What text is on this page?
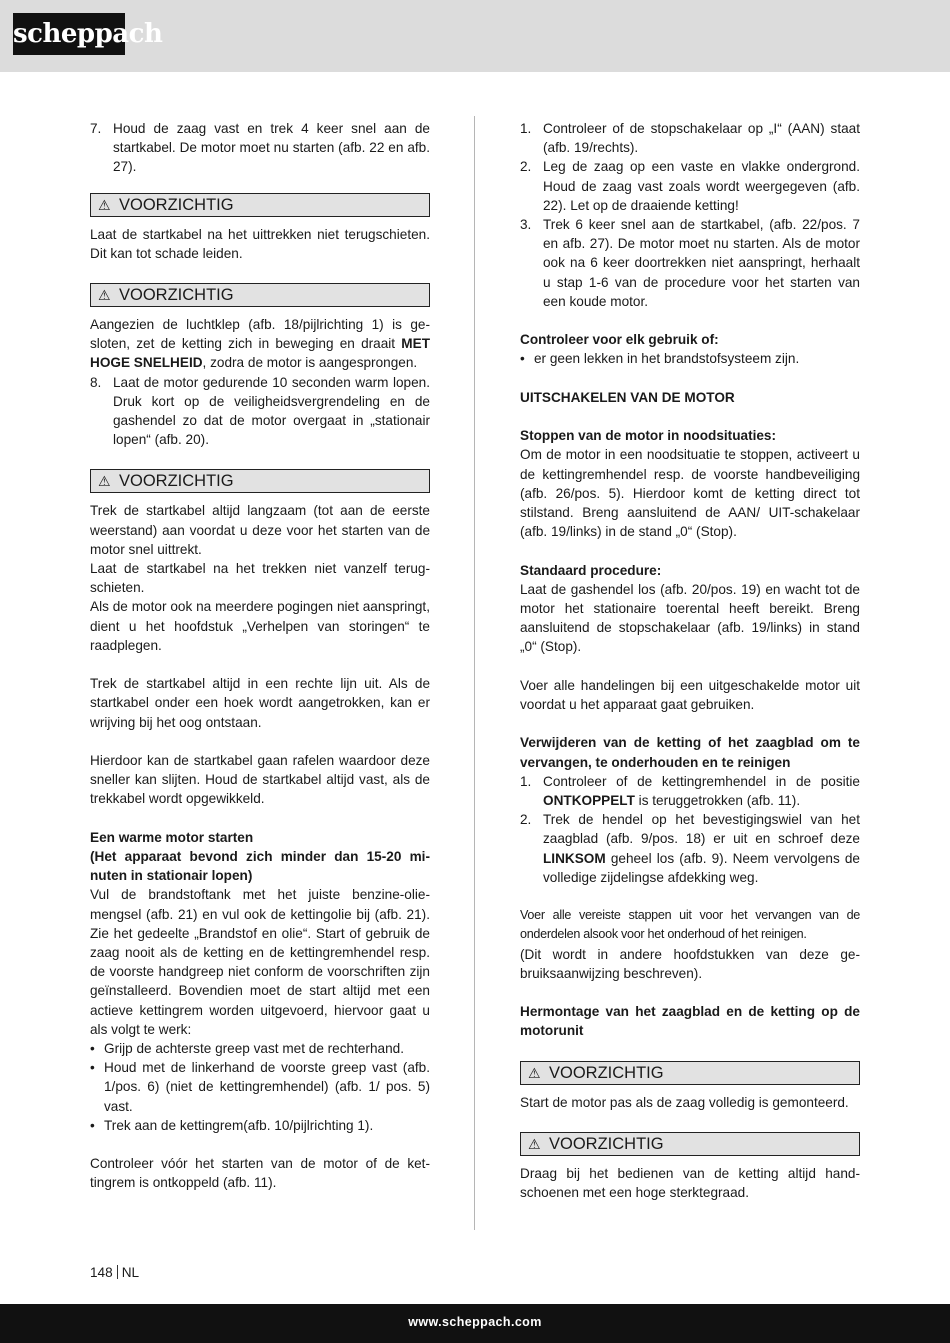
scheppach
7. Houd de zaag vast en trek 4 keer snel aan de startkabel. De motor moet nu starten (afb. 22 en afb. 27).
⚠ VOORZICHTIG

Laat de startkabel na het uittrekken niet terugschieten. Dit kan tot schade leiden.

⚠ VOORZICHTIG

Aangezien de luchtklep (afb. 18/pijlrichting 1) is gesloten, zet de ketting zich in beweging en draait MET HOGE SNELHEID, zodra de motor is aangesprongen.

8. Laat de motor gedurende 10 seconden warm lopen. Druk kort op de veiligheidsvergrendeling en de gashendel zo dat de motor overgaat in „stationair lopen“ (afb. 20).
⚠ VOORZICHTIG

Trek de startkabel altijd langzaam (tot aan de eerste weerstand) aan voordat u deze voor het starten van de motor snel uittrekt.

Laat de startkabel na het trekken niet vanzelf terugschieten.

Als de motor ook na meerdere pogingen niet aanspringt, dient u het hoofdstuk „Verhelpen van storingen“ te raadplegen.

Trek de startkabel altijd in een rechte lijn uit. Als de startkabel onder een hoek wordt aangetrokken, kan er wrijving bij het oog ontstaan.

Hierdoor kan de startkabel gaan rafelen waardoor deze sneller kan slijten. Houd de startkabel altijd vast, als de trekkabel wordt opgewikkeld.

Een warme motor starten

(Het apparaat bevond zich minder dan 15-20 minuten in stationair lopen)

Vul de brandstoftank met het juiste benzine-olie-mengsel (afb. 21) en vul ook de kettingolie bij (afb. 21). Zie het gedeelte „Brandstof en olie“. Start of gebruik de zaag nooit als de ketting en de kettingremhendel resp. de voorste handgreep niet conform de voorschriften zijn geïnstalleerd. Bovendien moet de start altijd met een actieve kettingrem worden uitgevoerd, hiervoor gaat u als volgt te werk:

• Grijp de achterste greep vast met de rechterhand.
• Houd met de linkerhand de voorste greep vast (afb. 1/pos. 6) (niet de kettingremhendel) (afb. 1/ pos. 5) vast.
• Trek aan de kettingrem(afb. 10/pijlrichting 1).

Controleer vóór het starten van de motor of de kettingrem is ontkoppeld (afb. 11).

1. Controleer of de stopschakelaar op „I“ (AAN) staat (afb. 19/rechts).
2. Leg de zaag op een vaste en vlakke ondergrond. Houd de zaag vast zoals wordt weergegeven (afb. 22). Let op de draaiende ketting!
3. Trek 6 keer snel aan de startkabel, (afb. 22/pos. 7 en afb. 27). De motor moet nu starten. Als de motor ook na 6 keer doortrekken niet aanspringt, herhaalt u stap 1-6 van de procedure voor het starten van een koude motor.

Controleer voor elk gebruik of:

• er geen lekken in het brandstofsysteem zijn.

UITSCHAKELEN VAN DE MOTOR

Stoppen van de motor in noodsituaties:

Om de motor in een noodsituatie te stoppen, activeert u de kettingremhendel resp. de voorste handbeveiliging (afb. 26/pos. 5). Hierdoor komt de ketting direct tot stilstand. Breng aansluitend de AAN/ UIT-schakelaar (afb. 19/links) in de stand „0“ (Stop).

Standaard procedure:

Laat de gashendel los (afb. 20/pos. 19) en wacht tot de motor het stationaire toerental heeft bereikt. Breng aansluitend de stopschakelaar (afb. 19/links) in stand „0“ (Stop).

Voer alle handelingen bij een uitgeschakelde motor uit voordat u het apparaat gaat gebruiken.

Verwijderen van de ketting of het zaagblad om te vervangen, te onderhouden en te reinigen

1. Controleer of de kettingremhendel in de positie ONTKOPPELT is teruggetrokken (afb. 11).
2. Trek de hendel op het bevestigingswiel van het zaagblad (afb. 9/pos. 18) er uit en schroef deze LINKSOM geheel los (afb. 9). Neem vervolgens de volledige zijdelingse afdekking weg.

Voer alle vereiste stappen uit voor het vervangen van de onderdelen alsook voor het onderhoud of het reinigen.

(Dit wordt in andere hoofdstukken van deze gebruiksaanwijzing beschreven).

Hermontage van het zaagblad en de ketting op de motorunit

⚠ VOORZICHTIG

Start de motor pas als de zaag volledig is gemonteerd.

⚠ VOORZICHTIG

Draag bij het bedienen van de ketting altijd handschoenen met een hoge sterktegraad.

148 NL
www.scheppach.com
